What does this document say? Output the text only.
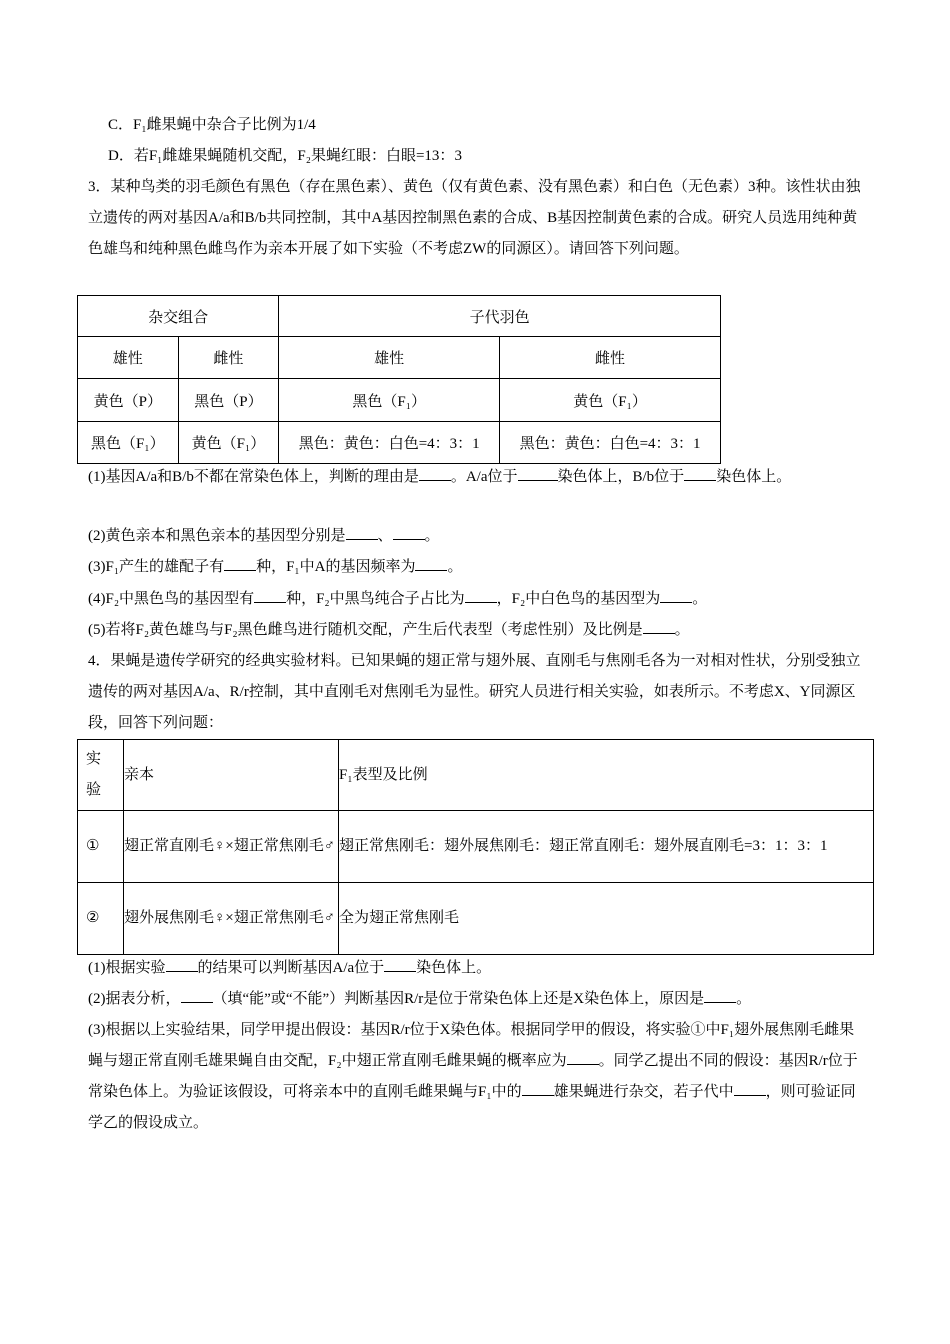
C．F₁雌果蝇中杂合子比例为1/4

D．若F₁雌雄果蝇随机交配，F₂果蝇红眼：白眼=13：3

3．某种鸟类的羽毛颜色有黑色（存在黑色素）、黄色（仅有黄色素、没有黑色素）和白色（无色素）3种。该性状由独立遗传的两对基因A/a和B/b共同控制，其中A基因控制黑色素的合成、B基因控制黄色素的合成。研究人员选用纯种黄色雄鸟和纯种黑色雌鸟作为亲本开展了如下实验（不考虑ZW的同源区）。请回答下列问题。

杂交组合		子代羽色	
雄性	雌性	雄性	雌性
黄色（P）	黑色（P）	黑色（F₁）	黄色（F₁）
黑色（F₁）	黄色（F₁）	黑色：黄色：白色=4：3：1	黑色：黄色：白色=4：3：1

(1)基因A/a和B/b不都在常染色体上，判断的理由是 。A/a位于	染色体上，B/b位于 染色体上。

(2)黄色亲本和黑色亲本的基因型分别是 、 。

(3)F₁产生的雄配子有 种，F₁中A的基因频率为 。

(4)F₂中黑色鸟的基因型有 种，F₂中黑鸟纯合子占比为 ，F₂中白色鸟的基因型为 。

(5)若将F₂黄色雄鸟与F₂黑色雌鸟进行随机交配，产生后代表型（考虑性别）及比例是 。

4．果蝇是遗传学研究的经典实验材料。已知果蝇的翅正常与翅外展、直刚毛与焦刚毛各为一对相对性状，分别受独立遗传的两对基因A/a、R/r控制，其中直刚毛对焦刚毛为显性。研究人员进行相关实验，如表所示。不考虑X、Y同源区段，回答下列问题：

实验	亲本	F₁表型及比例
①	翅正常直刚毛♀×翅正常焦刚毛♂	翅正常焦刚毛：翅外展焦刚毛：翅正常直刚毛：翅外展直刚毛=3：1：3：1
②	翅外展焦刚毛♀×翅正常焦刚毛♂	全为翅正常焦刚毛

(1)根据实验 的结果可以判断基因A/a位于 染色体上。

(2)据表分析， （填“能”或“不能”）判断基因R/r是位于常染色体上还是X染色体上，原因是 。

(3)根据以上实验结果，同学甲提出假设：基因R/r位于X染色体。根据同学甲的假设，将实验①中F₁翅外展焦刚毛雌果蝇与翅正常直刚毛雄果蝇自由交配，F₂中翅正常直刚毛雌果蝇的概率应为 。同学乙提出不同的假设：基因R/r位于常染色体上。为验证该假设，可将亲本中的直刚毛雌果蝇与F₁中的 雄果蝇进行杂交，若子代中 ，则可验证同学乙的假设成立。
